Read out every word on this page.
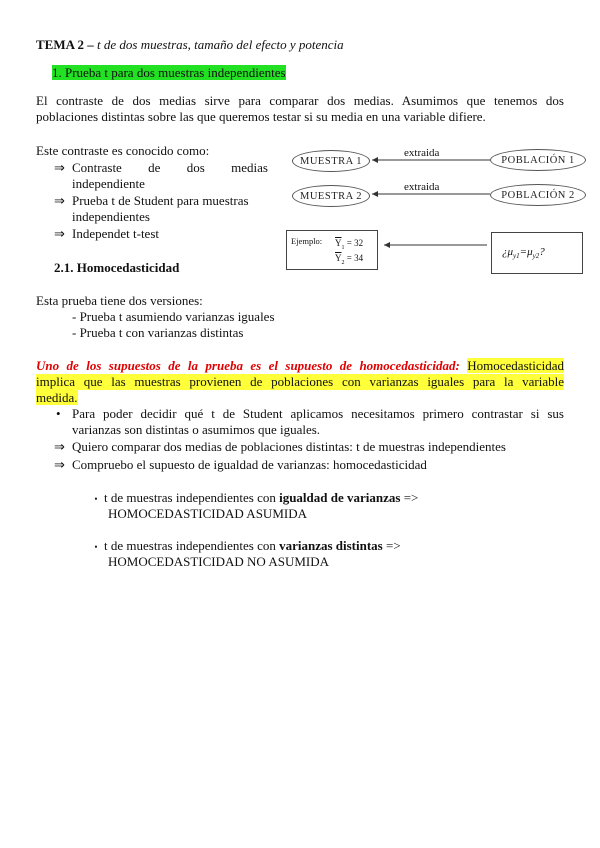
TEMA 2 – t de dos muestras, tamaño del efecto y potencia
1. Prueba t para dos muestras independientes
El contraste de dos medias sirve para comparar dos medias. Asumimos que tenemos dos
poblaciones distintas sobre las que queremos testar si su media en una variable difiere.
Este contraste es conocido como:
⇒ Contraste de dos medias
independiente
⇒ Prueba t de Student para muestras
independientes
⇒ Independet t-test
MUESTRA 1
MUESTRA 2
POBLACIÓN 1
POBLACIÓN 2
extraida
extraida
Ejemplo: $\overline{Y}_1 = 32$
$\overline{Y}_2 = 34$	¿$\mu_{y1}=\mu_{y2}$?
2.1. Homocedasticidad
Esta prueba tiene dos versiones:
- Prueba t asumiendo varianzas iguales
- Prueba t con varianzas distintas
Uno de los supuestos de la prueba es el supuesto de homocedasticidad: Homocedasticidad
implica que las muestras provienen de poblaciones con varianzas iguales para la variable
medida.
• Para poder decidir qué t de Student aplicamos necesitamos primero contrastar si sus
varianzas son distintas o asumimos que iguales.
⇒ Quiero comparar dos medias de poblaciones distintas: t de muestras independientes
⇒ Compruebo el supuesto de igualdad de varianzas: homocedasticidad
• t de muestras independientes con igualdad de varianzas =>
HOMOCEDASTICIDAD ASUMIDA
• t de muestras independientes con varianzas distintas =>
HOMOCEDASTICIDAD NO ASUMIDA
